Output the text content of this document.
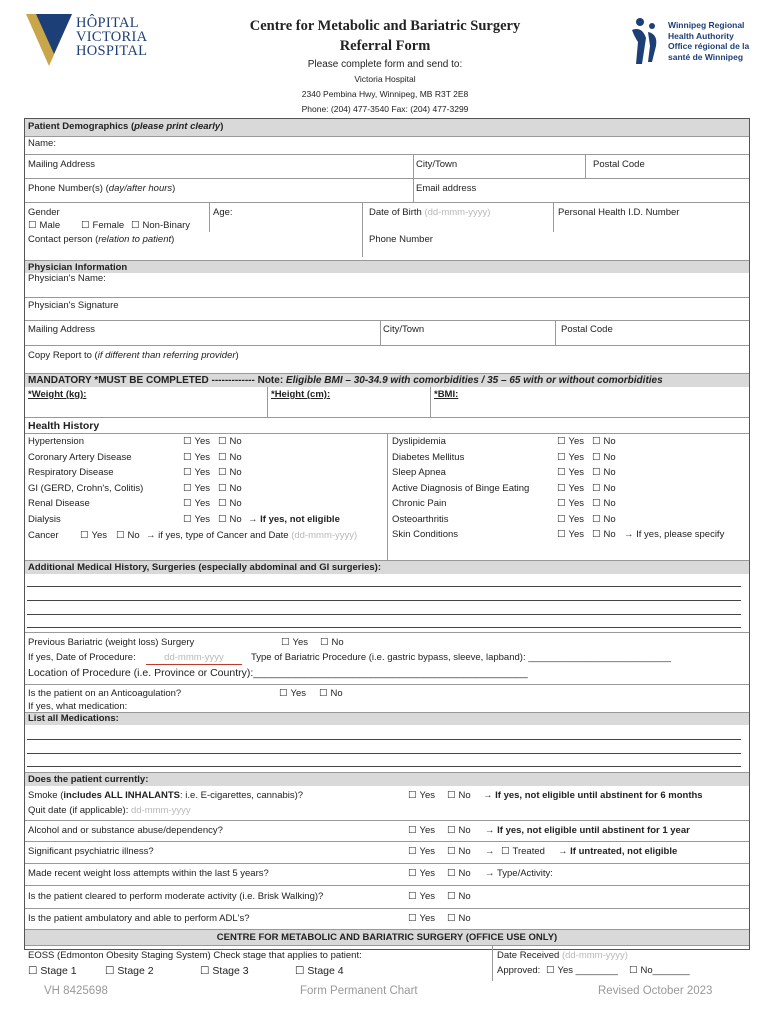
HÔPITAL
VICTORIA
HOSPITAL
Centre for Metabolic and Bariatric Surgery
Referral Form
Please complete form and send to:
Victoria Hospital
2340 Pembina Hwy, Winnipeg, MB R3T 2E8
Phone: (204) 477-3540 Fax: (204) 477-3299
Winnipeg Regional
Health Authority
Office régional de la
santé de Winnipeg
Patient Demographics (please print clearly)
Name:
Mailing Address	City/Town	Postal Code
Phone Number(s) (day/after hours)	Email address
Gender
☐ Male	☐ Female	☐ Non-Binary
Age:	Date of Birth (dd-mmm-yyyy)	Personal Health I.D. Number
Contact person (relation to patient)	Phone Number
Physician Information
Physician's Name:
Physician's Signature
Mailing Address	City/Town	Postal Code
Copy Report to (if different than referring provider)
MANDATORY *MUST BE COMPLETED ------------- Note: Eligible BMI – 30-34.9 with comorbidities / 35 – 65 with or without comorbidities
*Weight (kg):	*Height (cm):	*BMI:
Health History
Hypertension	☐ Yes	☐ No
Coronary Artery Disease	☐ Yes	☐ No
Respiratory Disease	☐ Yes	☐ No
GI (GERD, Crohn's, Colitis)	☐ Yes	☐ No
Renal Disease	☐ Yes	☐ No
Dialysis	☐ Yes	☐ No → If yes, not eligible
Dyslipidemia	☐ Yes	☐ No
Diabetes Mellitus	☐ Yes	☐ No
Sleep Apnea	☐ Yes	☐ No
Active Diagnosis of Binge Eating	☐ Yes	☐ No
Chronic Pain	☐ Yes	☐ No
Osteoarthritis	☐ Yes	☐ No
Skin Conditions	☐ Yes	☐ No → If yes, please specify
Cancer	☐ Yes	☐ No → if yes, type of Cancer and Date (dd-mmm-yyyy)
Additional Medical History, Surgeries (especially abdominal and GI surgeries):
Previous Bariatric (weight loss) Surgery	☐ Yes	☐ No
If yes, Date of Procedure:	dd-mmm-yyyy	Type of Bariatric Procedure (i.e. gastric bypass, sleeve, lapband): ___________________________
Location of Procedure (i.e. Province or Country):_______________________________________________
Is the patient on an Anticoagulation?	☐ Yes	☐ No
If yes, what medication:
List all Medications:
Does the patient currently:
Smoke (includes ALL INHALANTS: i.e. E-cigarettes, cannabis)?	☐ Yes	☐ No → If yes, not eligible until abstinent for 6 months
Quit date (if applicable): dd-mmm-yyyy
Alcohol and or substance abuse/dependency?	☐ Yes	☐ No → If yes, not eligible until abstinent for 1 year
Significant psychiatric illness?	☐ Yes	☐ No →	☐ Treated → If untreated, not eligible
Made recent weight loss attempts within the last 5 years?	☐ Yes	☐ No → Type/Activity:
Is the patient cleared to perform moderate activity (i.e. Brisk Walking)?	☐ Yes	☐ No
Is the patient ambulatory and able to perform ADL's?	☐ Yes	☐ No
CENTRE FOR METABOLIC AND BARIATRIC SURGERY (OFFICE USE ONLY)
EOSS (Edmonton Obesity Staging System) Check stage that applies to patient:
☐ Stage 1	☐ Stage 2	☐ Stage 3	☐ Stage 4
Date Received (dd-mmm-yyyy)
Approved:	☐ Yes ________	☐ No_______
VH 8425698	Form Permanent Chart	Revised October 2023
